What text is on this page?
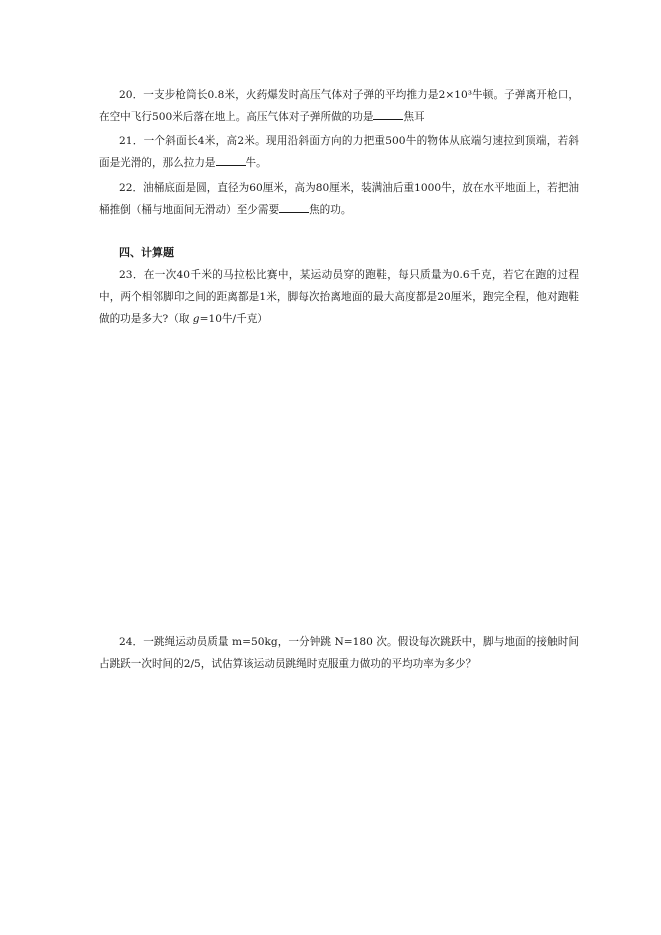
20．一支步枪筒长0.8米，火药爆发时高压气体对子弹的平均推力是2×10³牛顿。子弹离开枪口，在空中飞行500米后落在地上。高压气体对子弹所做的功是	焦耳

21．一个斜面长4米，高2米。现用沿斜面方向的力把重500牛的物体从底端匀速拉到顶端，若斜面是光滑的，那么拉力是	牛。

22．油桶底面是圆，直径为60厘米，高为80厘米，装满油后重1000牛，放在水平地面上，若把油桶推倒（桶与地面间无滑动）至少需要	焦的功。

四、计算题

23．在一次40千米的马拉松比赛中，某运动员穿的跑鞋，每只质量为0.6千克，若它在跑的过程中，两个相邻脚印之间的距离都是1米，脚每次抬离地面的最大高度都是20厘米，跑完全程，他对跑鞋做的功是多大?（取 g=10牛/千克）

24．一跳绳运动员质量 m=50kg，一分钟跳 N=180 次。假设每次跳跃中，脚与地面的接触时间占跳跃一次时间的2/5，试估算该运动员跳绳时克服重力做功的平均功率为多少？
